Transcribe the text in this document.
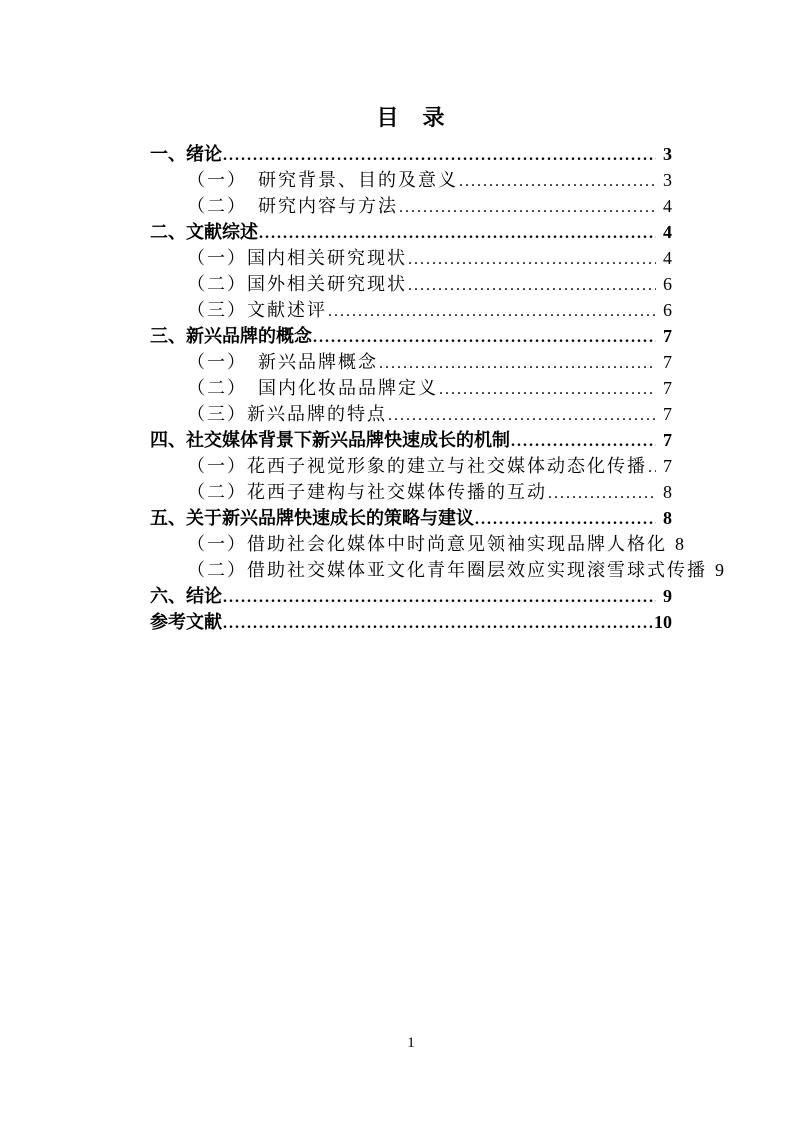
目　录
一、绪论 .....	3
（一）　研究背景、目的及意义 .....	3
（二）　研究内容与方法 .....	4
二、文献综述 .....	4
（一）国内相关研究现状 .....	4
（二）国外相关研究现状 .....	6
（三）文献述评 .....	6
三、新兴品牌的概念 .....	7
（一）　新兴品牌概念 .....	7
（二）　国内化妆品品牌定义 .....	7
（三）新兴品牌的特点 .....	7
四、社交媒体背景下新兴品牌快速成长的机制 .....	7
（一）花西子视觉形象的建立与社交媒体动态化传播 ..... 7
（二）花西子建构与社交媒体传播的互动 .....	8
五、关于新兴品牌快速成长的策略与建议 .....	8
（一）借助社会化媒体中时尚意见领袖实现品牌人格化 8
（二）借助社交媒体亚文化青年圈层效应实现滚雪球式传播 9
六、结论 .....	9
参考文献 .....	10
1
